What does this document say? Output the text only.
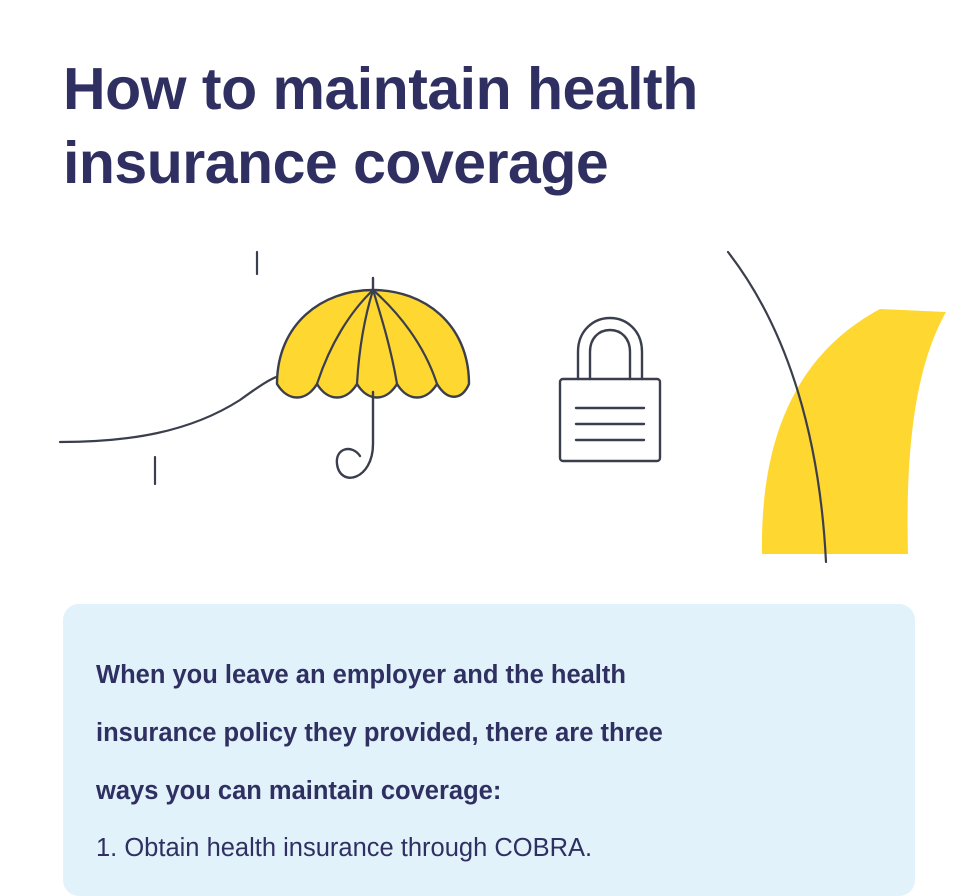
How to maintain health
insurance coverage
When you leave an employer and the health
insurance policy they provided, there are three
ways you can maintain coverage:
1. Obtain health insurance through COBRA.
